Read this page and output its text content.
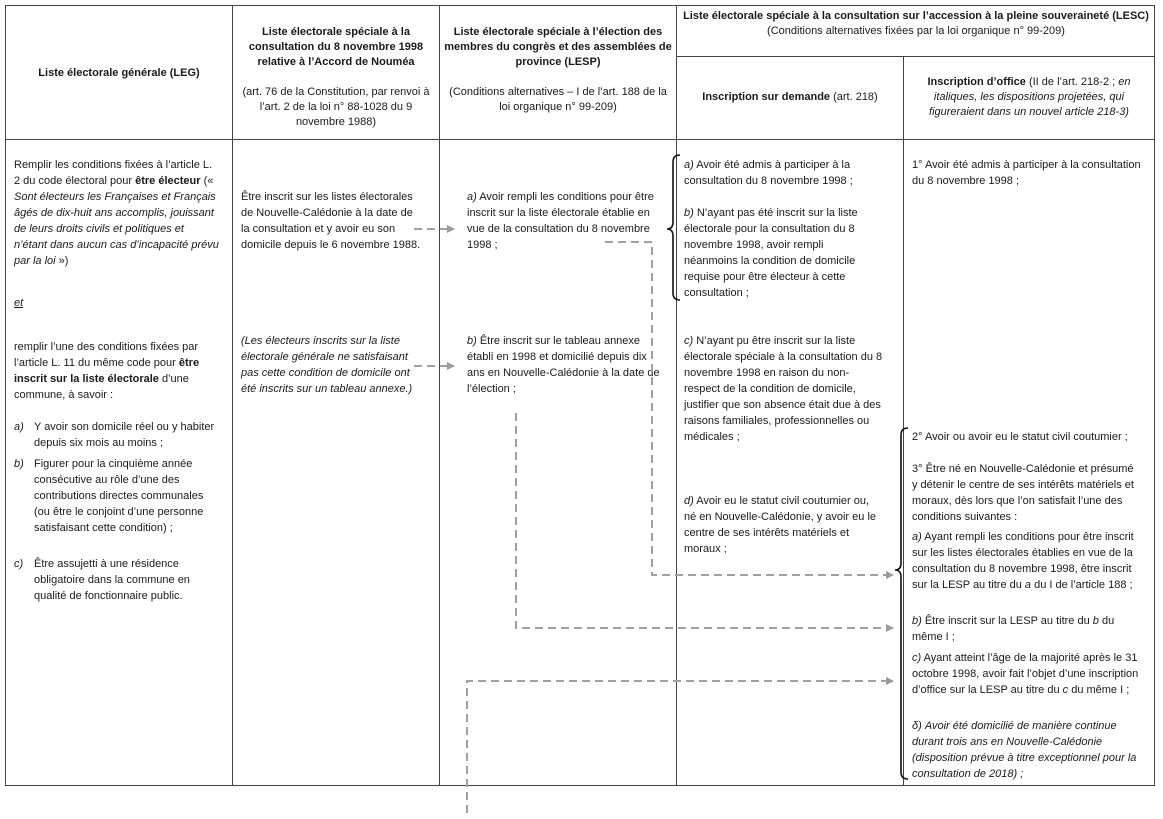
Liste électorale générale (LEG)
Liste électorale spéciale à la consultation du 8 novembre 1998 relative à l’Accord de Nouméa
(art. 76 de la Constitution, par renvoi à l’art. 2 de la loi n° 88-1028 du 9 novembre 1988)
Liste électorale spéciale à l’élection des membres du congrès et des assemblées de province (LESP)
(Conditions alternatives – I de l’art. 188 de la loi organique n° 99-209)
Liste électorale spéciale à la consultation sur l’accession à la pleine souveraineté (LESC)
(Conditions alternatives fixées par la loi organique n° 99-209)
Inscription sur demande (art. 218)
Inscription d’office (II de l’art. 218-2 ; en italiques, les dispositions projetées, qui figureraient dans un nouvel article 218-3)
Remplir les conditions fixées à l’article L. 2 du code électoral pour être électeur (« Sont électeurs les Françaises et Français âgés de dix-huit ans accomplis, jouissant de leurs droits civils et politiques et n’étant dans aucun cas d’incapacité prévu par la loi »)
et
remplir l’une des conditions fixées par l’article L. 11 du même code pour être inscrit sur la liste électorale d’une commune, à savoir :
a) Y avoir son domicile réel ou y habiter depuis six mois au moins ;
b) Figurer pour la cinquième année consécutive au rôle d’une des contributions directes communales (ou être le conjoint d’une personne satisfaisant cette condition) ;
c) Être assujetti à une résidence obligatoire dans la commune en qualité de fonctionnaire public.
Être inscrit sur les listes électorales de Nouvelle-Calédonie à la date de la consultation et y avoir eu son domicile depuis le 6 novembre 1988.
(Les électeurs inscrits sur la liste électorale générale ne satisfaisant pas cette condition de domicile ont été inscrits sur un tableau annexe.)
a) Avoir rempli les conditions pour être inscrit sur la liste électorale établie en vue de la consultation du 8 novembre 1998 ;
b) Être inscrit sur le tableau annexe établi en 1998 et domicilié depuis dix ans en Nouvelle-Calédonie à la date de l’élection ;
a) Avoir été admis à participer à la consultation du 8 novembre 1998 ;
b) N’ayant pas été inscrit sur la liste électorale pour la consultation du 8 novembre 1998, avoir rempli néanmoins la condition de domicile requise pour être électeur à cette consultation ;
c) N’ayant pu être inscrit sur la liste électorale spéciale à la consultation du 8 novembre 1998 en raison du non-respect de la condition de domicile, justifier que son absence était due à des raisons familiales, professionnelles ou médicales ;
d) Avoir eu le statut civil coutumier ou, né en Nouvelle-Calédonie, y avoir eu le centre de ses intérêts matériels et moraux ;
1° Avoir été admis à participer à la consultation du 8 novembre 1998 ;
2° Avoir ou avoir eu le statut civil coutumier ;
3° Être né en Nouvelle-Calédonie et présumé y détenir le centre de ses intérêts matériels et moraux, dès lors que l’on satisfait l’une des conditions suivantes :
a) Ayant rempli les conditions pour être inscrit sur les listes électorales établies en vue de la consultation du 8 novembre 1998, être inscrit sur la LESP au titre du a du I de l’article 188 ;
b) Être inscrit sur la LESP au titre du b du même I ;
c) Ayant atteint l’âge de la majorité après le 31 octobre 1998, avoir fait l’objet d’une inscription d’office sur la LESP au titre du c du même I ;
δ) Avoir été domicilié de manière continue durant trois ans en Nouvelle-Calédonie (disposition prévue à titre exceptionnel pour la consultation de 2018) ;
